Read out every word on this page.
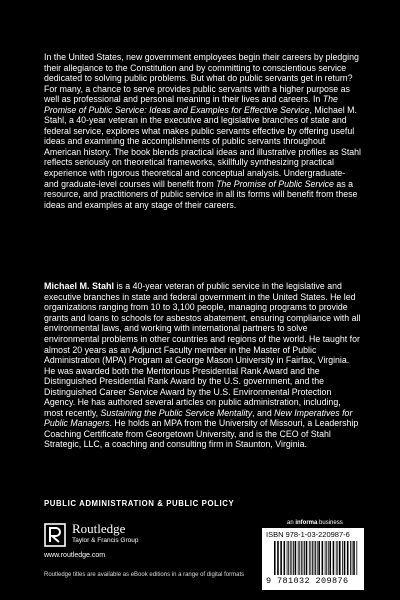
In the United States, new government employees begin their careers by pledging their allegiance to the Constitution and by committing to conscientious service dedicated to solving public problems. But what do public servants get in return? For many, a chance to serve provides public servants with a higher purpose as well as professional and personal meaning in their lives and careers. In The Promise of Public Service: Ideas and Examples for Effective Service, Michael M. Stahl, a 40-year veteran in the executive and legislative branches of state and federal service, explores what makes public servants effective by offering useful ideas and examining the accomplishments of public servants throughout American history. The book blends practical ideas and illustrative profiles as Stahl reflects seriously on theoretical frameworks, skillfully synthesizing practical experience with rigorous theoretical and conceptual analysis. Undergraduate- and graduate-level courses will benefit from The Promise of Public Service as a resource, and practitioners of public service in all its forms will benefit from these ideas and examples at any stage of their careers.

Michael M. Stahl is a 40-year veteran of public service in the legislative and executive branches in state and federal government in the United States. He led organizations ranging from 10 to 3,100 people, managing programs to provide grants and loans to schools for asbestos abatement, ensuring compliance with all environmental laws, and working with international partners to solve environmental problems in other countries and regions of the world. He taught for almost 20 years as an Adjunct Faculty member in the Master of Public Administration (MPA) Program at George Mason University in Fairfax, Virginia. He was awarded both the Meritorious Presidential Rank Award and the Distinguished Presidential Rank Award by the U.S. government, and the Distinguished Career Service Award by the U.S. Environmental Protection Agency. He has authored several articles on public administration, including, most recently, Sustaining the Public Service Mentality, and New Imperatives for Public Managers. He holds an MPA from the University of Missouri, a Leadership Coaching Certificate from Georgetown University, and is the CEO of Stahl Strategic, LLC, a coaching and consulting firm in Staunton, Virginia.

PUBLIC ADMINISTRATION & PUBLIC POLICY
Routledge
Taylor & Francis Group
www.routledge.com
Routledge titles are available as eBook editions in a range of digital formats
an informa business
ISBN 978-1-03-220987-6
9 781032 209876
